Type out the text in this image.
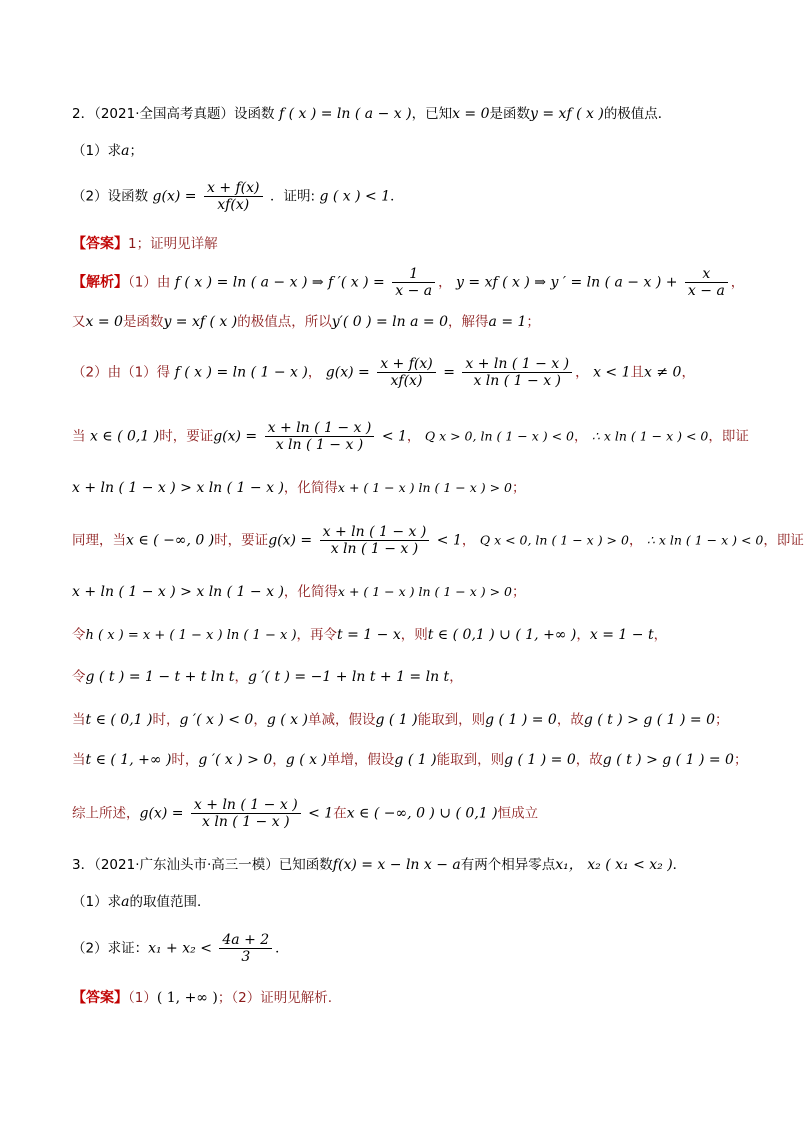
2．（2021·全国高考真题）设函数 f ( x ) = ln ( a − x )，已知x = 0是函数y = xf ( x )的极值点．
（1）求a；
（2）设函数 $g(x) = \frac{x + f(x)}{xf(x)}$ ．证明: g ( x ) < 1．
【答案】1；证明见详解
【解析】（1）由 f ( x ) = ln ( a − x ) ⇒ f ′( x ) = $\frac{1}{x - a}$ ， y = xf ( x ) ⇒ y ′ = ln ( a − x ) + $\frac{x}{x - a}$ ，
又x = 0是函数y = xf ( x )的极值点，所以y′( 0 ) = ln a = 0，解得a = 1；
（2）由（1）得 f ( x ) = ln ( 1 − x )， $g(x) = \frac{x + f(x)}{xf(x)} = \frac{x + \ln ( 1 - x )}{\text{x ln ( 1 − x )}}$ ， x < 1且x ≠ 0，
当 x ∈ ( 0,1 )时，要证$g(x) = \frac{x + \ln ( 1 - x )}{\text{x ln ( 1 − x )}} < 1$， Q x > 0, ln ( 1 − x ) < 0， ∴ x ln ( 1 − x ) < 0，即证
x + ln ( 1 − x ) > x ln ( 1 − x )，化简得x + ( 1 − x ) ln ( 1 − x ) > 0；
同理，当x ∈ ( −∞, 0 )时，要证$g(x) = \frac{x + \ln ( 1 - x )}{\text{x ln ( 1 − x )}} < 1$， Q x < 0, ln ( 1 − x ) > 0， ∴ x ln ( 1 − x ) < 0，即证
x + ln ( 1 − x ) > x ln ( 1 − x )，化简得x + ( 1 − x ) ln ( 1 − x ) > 0；
令h ( x ) = x + ( 1 − x ) ln ( 1 − x )，再令t = 1 − x，则t ∈ ( 0,1 ) ∪ ( 1, +∞ )，x = 1 − t，
令g ( t ) = 1 − t + t ln t，g ′( t ) = −1 + ln t + 1 = ln t，
当t ∈ ( 0,1 )时，g ′( x ) < 0，g ( x )单减，假设g ( 1 )能取到，则g ( 1 ) = 0，故g ( t ) > g ( 1 ) = 0；
当t ∈ ( 1, +∞ )时，g ′( x ) > 0，g ( x )单增，假设g ( 1 )能取到，则g ( 1 ) = 0，故g ( t ) > g ( 1 ) = 0；
综上所述，$g(x) = \frac{x + \ln ( 1 - x )}{\text{x ln ( 1 − x )}} < 1$在x ∈ ( −∞, 0 ) ∪ ( 0,1 )恒成立
3．（2021·广东汕头市·高三一模）已知函数f(x) = x − ln x − a有两个相异零点x₁， x₂ ( x₁ < x₂ )．
（1）求a的取值范围．
（2）求证：$x_1 + x_2 < \frac{4a + 2}{3}$ ．
【答案】（1）( 1, +∞ )；（2）证明见解析.
